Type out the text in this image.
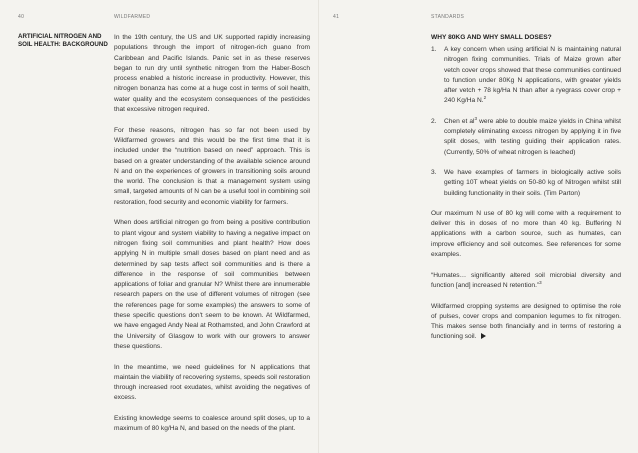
40	WILDFARMED
ARTIFICIAL NITROGEN AND SOIL HEALTH: BACKGROUND

In the 19th century, the US and UK supported rapidly increasing populations through the import of nitrogen-rich guano from Caribbean and Pacific Islands. Panic set in as these reserves began to run dry until synthetic nitrogen from the Haber-Bosch process enabled a historic increase in productivity. However, this nitrogen bonanza has come at a huge cost in terms of soil health, water quality and the ecosystem consequences of the pesticides that excessive nitrogen required.

For these reasons, nitrogen has so far not been used by Wildfarmed growers and this would be the first time that it is included under the “nutrition based on need” approach. This is based on a greater understanding of the available science around N and on the experiences of growers in transitioning soils around the world. The conclusion is that a management system using small, targeted amounts of N can be a useful tool in combining soil restoration, food security and economic viability for farmers.

When does artificial nitrogen go from being a positive contribution to plant vigour and system viability to having a negative impact on nitrogen fixing soil communities and plant health? How does applying N in multiple small doses based on plant need and as determined by sap tests affect soil communities and is there a difference in the response of soil communities between applications of foliar and granular N? Whilst there are innumerable research papers on the use of different volumes of nitrogen (see the references page for some examples) the answers to some of these specific questions don't seem to be known. At Wildfarmed, we have engaged Andy Neal at Rothamsted, and John Crawford at the University of Glasgow to work with our growers to answer these questions.

In the meantime, we need guidelines for N applications that maintain the viability of recovering systems, speeds soil restoration through increased root exudates, whilst avoiding the negatives of excess.

Existing knowledge seems to coalesce around split doses, up to a maximum of 80 kg/Ha N, and based on the needs of the plant.

41	STANDARDS
WHY 80KG AND WHY SMALL DOSES?
1. A key concern when using artificial N is maintaining natural nitrogen fixing communities. Trials of Maize grown after vetch cover crops showed that these communities continued to function under 80Kg N applications, with greater yields after vetch + 78 kg/Ha N than after a ryegrass cover crop + 240 Kg/Ha N.$^2$
2. Chen et $al^3$ were able to double maize yields in China whilst completely eliminating excess nitrogen by applying it in five split doses, with testing guiding their application rates. (Currently, 50% of wheat nitrogen is leached)
3. We have examples of farmers in biologically active soils getting 10T wheat yields on 50-80 kg of Nitrogen whilst still building functionality in their soils. (Tim Parton)

Our maximum N use of 80 kg will come with a requirement to deliver this in doses of no more than 40 kg. Buffering N applications with a carbon source, such as humates, can improve efficiency and soil outcomes. See references for some examples.

“Humates… significantly altered soil microbial diversity and function [and] increased N retention.”$^3$

Wildfarmed cropping systems are designed to optimise the role of pulses, cover crops and companion legumes to fix nitrogen. This makes sense both financially and in terms of restoring a functioning soil.
